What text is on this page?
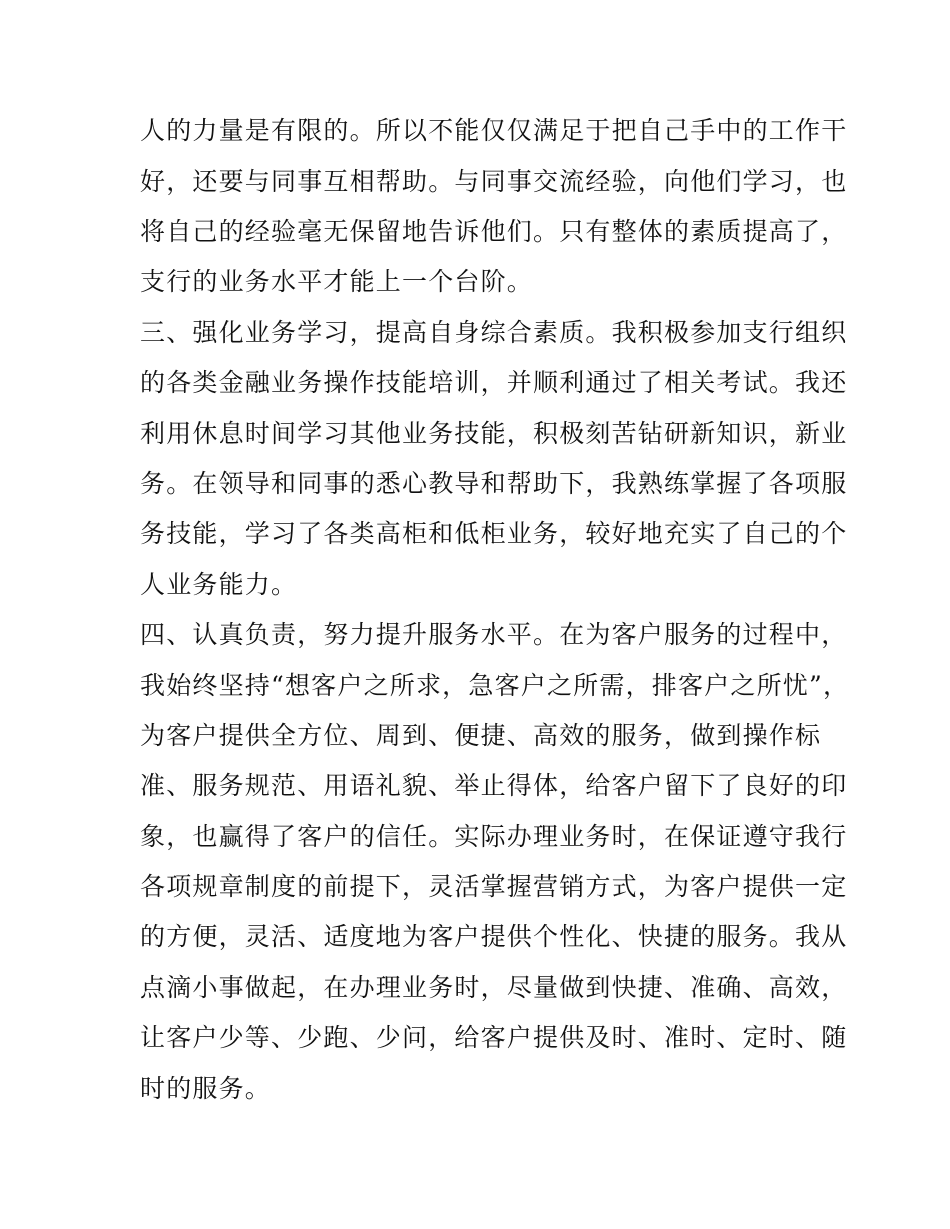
人的力量是有限的。所以不能仅仅满足于把自己手中的工作干

好，还要与同事互相帮助。与同事交流经验，向他们学习，也

将自己的经验毫无保留地告诉他们。只有整体的素质提高了，

支行的业务水平才能上一个台阶。

三、强化业务学习，提高自身综合素质。我积极参加支行组织

的各类金融业务操作技能培训，并顺利通过了相关考试。我还

利用休息时间学习其他业务技能，积极刻苦钻研新知识，新业

务。在领导和同事的悉心教导和帮助下，我熟练掌握了各项服

务技能，学习了各类高柜和低柜业务，较好地充实了自己的个

人业务能力。

四、认真负责，努力提升服务水平。在为客户服务的过程中，

我始终坚持“想客户之所求，急客户之所需，排客户之所忧”，

为客户提供全方位、周到、便捷、高效的服务，做到操作标

准、服务规范、用语礼貌、举止得体，给客户留下了良好的印

象，也赢得了客户的信任。实际办理业务时，在保证遵守我行

各项规章制度的前提下，灵活掌握营销方式，为客户提供一定

的方便，灵活、适度地为客户提供个性化、快捷的服务。我从

点滴小事做起，在办理业务时，尽量做到快捷、准确、高效，

让客户少等、少跑、少问，给客户提供及时、准时、定时、随

时的服务。
